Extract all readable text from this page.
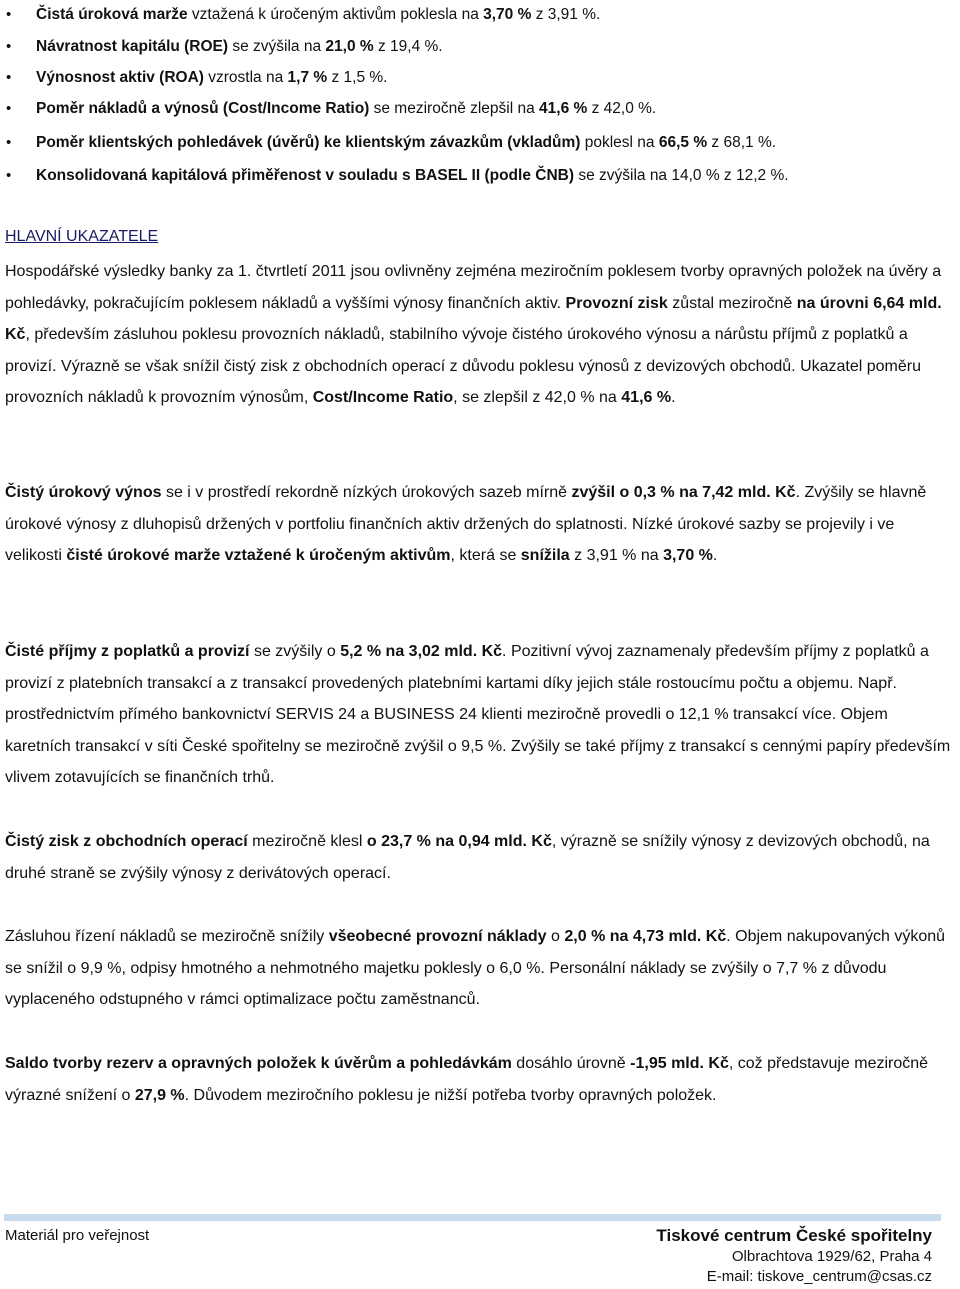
• Čistá úroková marže vztažená k úročeným aktivům poklesla na 3,70 % z 3,91 %.
• Návratnost kapitálu (ROE) se zvýšila na 21,0 % z 19,4 %.
• Výnosnost aktiv (ROA) vzrostla na 1,7 % z 1,5 %.
• Poměr nákladů a výnosů (Cost/Income Ratio) se meziročně zlepšil na 41,6 % z 42,0 %.
• Poměr klientských pohledávek (úvěrů) ke klientským závazkům (vkladům) poklesl na 66,5 % z 68,1 %.
• Konsolidovaná kapitálová přiměřenost v souladu s BASEL II (podle ČNB) se zvýšila na 14,0 % z 12,2 %.
HLAVNÍ UKAZATELE

Hospodářské výsledky banky za 1. čtvrtletí 2011 jsou ovlivněny zejména meziročním poklesem tvorby opravných položek na úvěry a pohledávky, pokračujícím poklesem nákladů a vyššími výnosy finančních aktiv. Provozní zisk zůstal meziročně na úrovni 6,64 mld. Kč, především zásluhou poklesu provozních nákladů, stabilního vývoje čistého úrokového výnosu a nárůstu příjmů z poplatků a provizí. Výrazně se však snížil čistý zisk z obchodních operací z důvodu poklesu výnosů z devizových obchodů. Ukazatel poměru provozních nákladů k provozním výnosům, Cost/Income Ratio, se zlepšil z 42,0 % na 41,6 %.

Čistý úrokový výnos se i v prostředí rekordně nízkých úrokových sazeb mírně zvýšil o 0,3 % na 7,42 mld. Kč. Zvýšily se hlavně úrokové výnosy z dluhopisů držených v portfoliu finančních aktiv držených do splatnosti. Nízké úrokové sazby se projevily i ve velikosti čisté úrokové marže vztažené k úročeným aktivům, která se snížila z 3,91 % na 3,70 %.

Čisté příjmy z poplatků a provizí se zvýšily o 5,2 % na 3,02 mld. Kč. Pozitivní vývoj zaznamenaly především příjmy z poplatků a provizí z platebních transakcí a z transakcí provedených platebními kartami díky jejich stále rostoucímu počtu a objemu. Např. prostřednictvím přímého bankovnictví SERVIS 24 a BUSINESS 24 klienti meziročně provedli o 12,1 % transakcí více. Objem karetních transakcí v síti České spořitelny se meziročně zvýšil o 9,5 %. Zvýšily se také příjmy z transakcí s cennými papíry především vlivem zotavujících se finančních trhů.

Čistý zisk z obchodních operací meziročně klesl o 23,7 % na 0,94 mld. Kč, výrazně se snížily výnosy z devizových obchodů, na druhé straně se zvýšily výnosy z derivátových operací.

Zásluhou řízení nákladů se meziročně snížily všeobecné provozní náklady o 2,0 % na 4,73 mld. Kč. Objem nakupovaných výkonů se snížil o 9,9 %, odpisy hmotného a nehmotného majetku poklesly o 6,0 %. Personální náklady se zvýšily o 7,7 % z důvodu vyplaceného odstupného v rámci optimalizace počtu zaměstnanců.

Saldo tvorby rezerv a opravných položek k úvěrům a pohledávkám dosáhlo úrovně -1,95 mld. Kč, což představuje meziročně výrazné snížení o 27,9 %. Důvodem meziročního poklesu je nižší potřeba tvorby opravných položek.

Materiál pro veřejnost	Tiskové centrum České spořitelny
Olbrachtova 1929/62, Praha 4
E-mail: tiskove_centrum@csas.cz
